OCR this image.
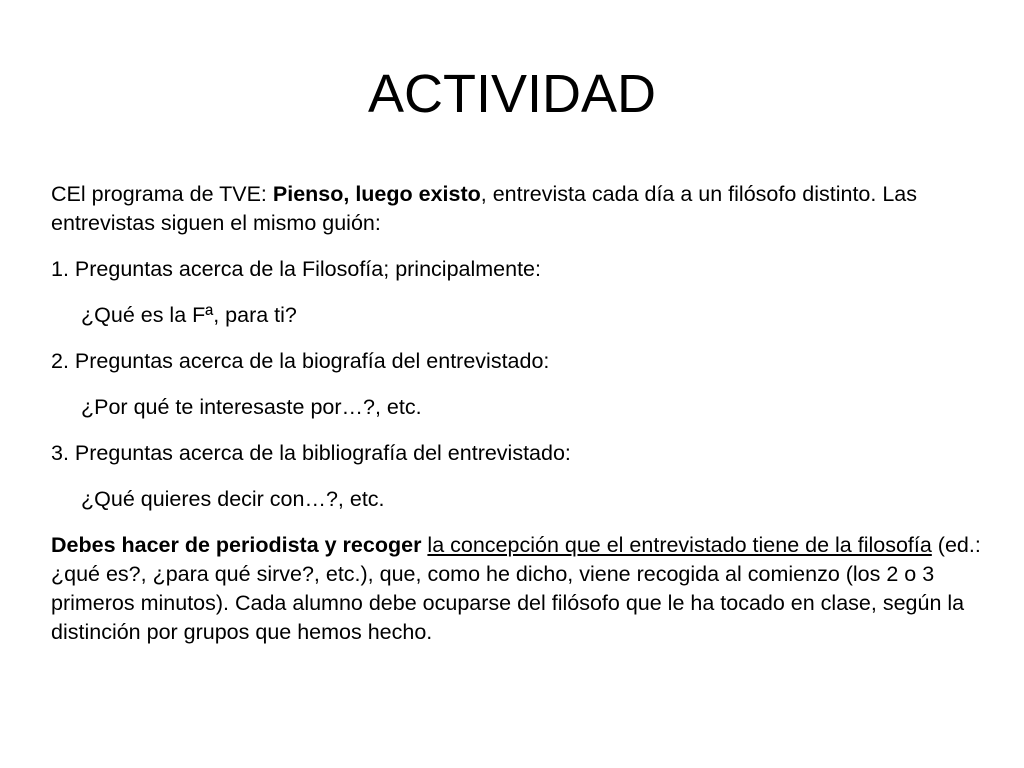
ACTIVIDAD

CEl programa de TVE: Pienso, luego existo, entrevista cada día a un filósofo distinto. Las entrevistas siguen el mismo guión:

1. Preguntas acerca de la Filosofía; principalmente:

¿Qué es la Fª, para ti?

2. Preguntas acerca de la biografía del entrevistado:

¿Por qué te interesaste por…?, etc.

3. Preguntas acerca de la bibliografía del entrevistado:

¿Qué quieres decir con…?, etc.

Debes hacer de periodista y recoger la concepción que el entrevistado tiene de la filosofía (ed.: ¿qué es?, ¿para qué sirve?, etc.), que, como he dicho, viene recogida al comienzo (los 2 o 3 primeros minutos). Cada alumno debe ocuparse del filósofo que le ha tocado en clase, según la distinción por grupos que hemos hecho.
